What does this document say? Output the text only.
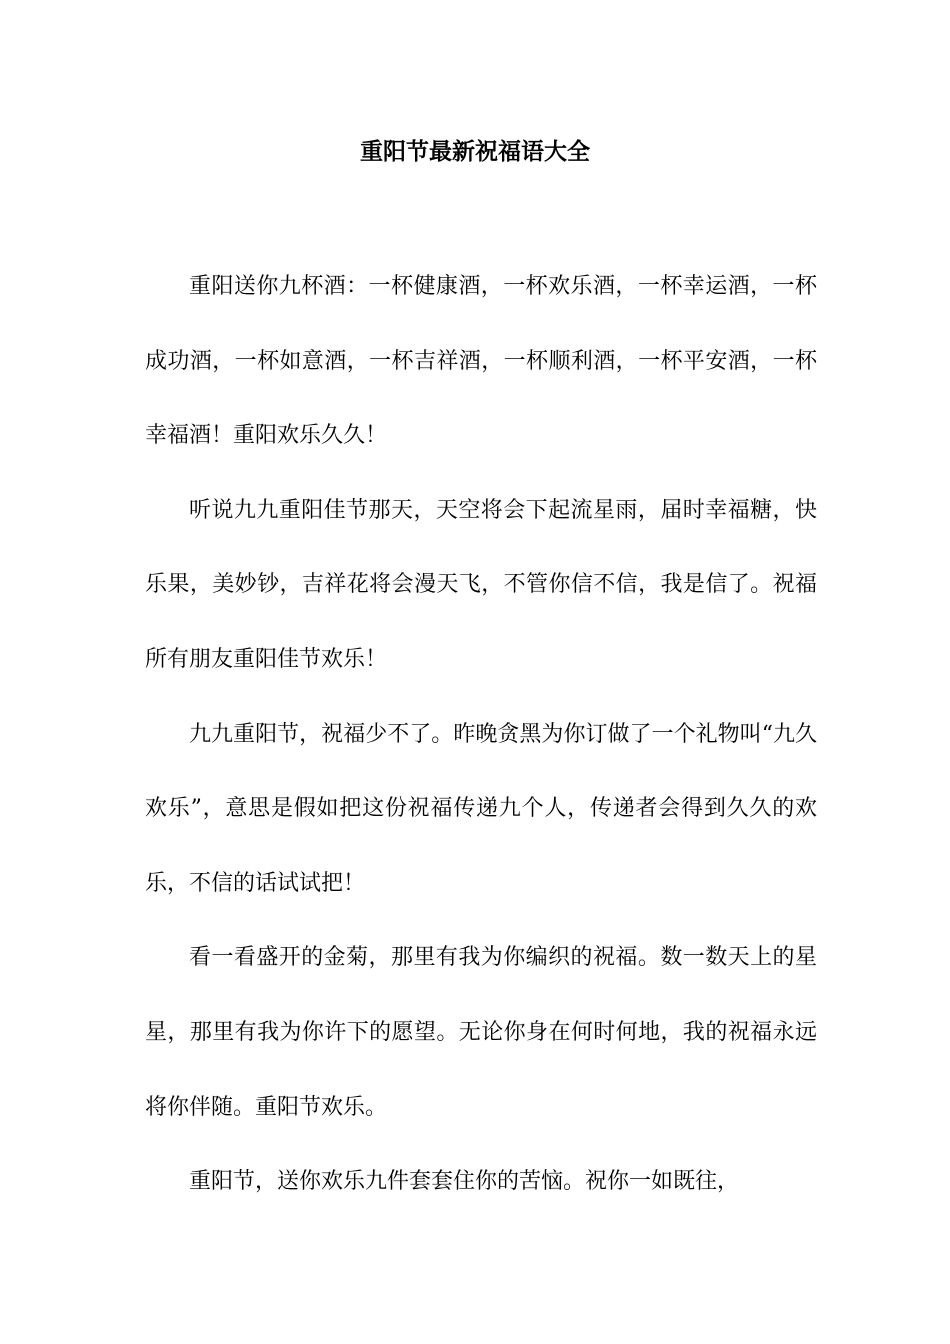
重阳节最新祝福语大全

重阳送你九杯酒：一杯健康酒，一杯欢乐酒，一杯幸运酒，一杯成功酒，一杯如意酒，一杯吉祥酒，一杯顺利酒，一杯平安酒，一杯幸福酒！重阳欢乐久久！

听说九九重阳佳节那天，天空将会下起流星雨，届时幸福糖，快乐果，美妙钞，吉祥花将会漫天飞，不管你信不信，我是信了。祝福所有朋友重阳佳节欢乐！

九九重阳节，祝福少不了。昨晚贪黑为你订做了一个礼物叫“九久欢乐”，意思是假如把这份祝福传递九个人，传递者会得到久久的欢乐，不信的话试试把！

看一看盛开的金菊，那里有我为你编织的祝福。数一数天上的星星，那里有我为你许下的愿望。无论你身在何时何地，我的祝福永远将你伴随。重阳节欢乐。

重阳节，送你欢乐九件套套住你的苦恼。祝你一如既往，
